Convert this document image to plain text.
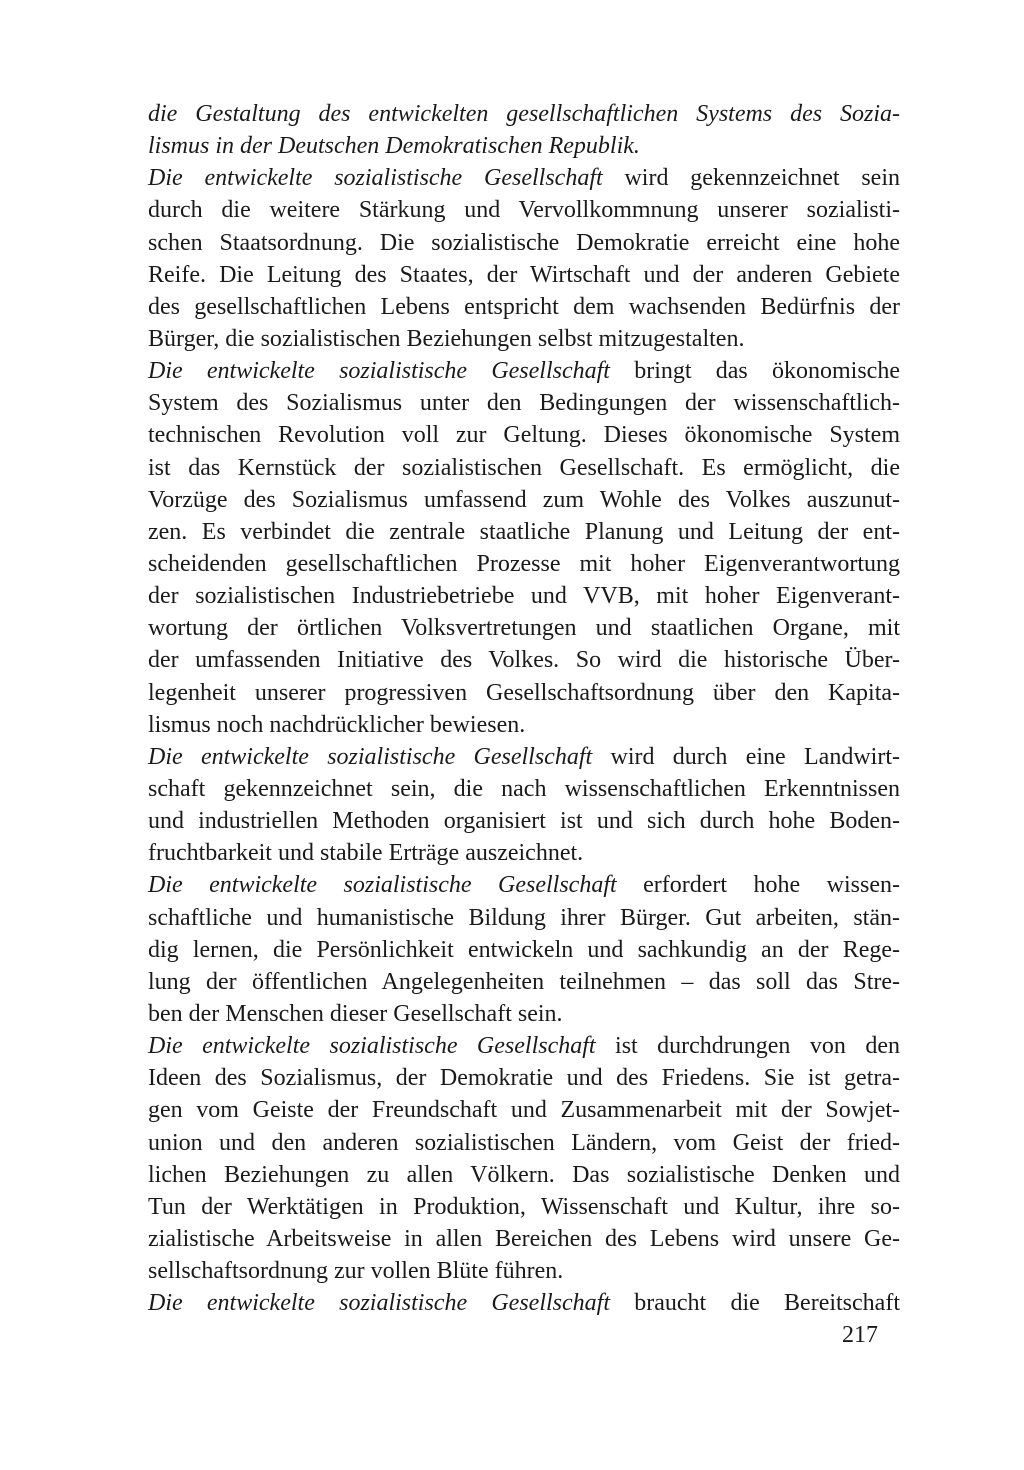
die Gestaltung des entwickelten gesellschaftlichen Systems des Sozia-
lismus in der Deutschen Demokratischen Republik.
Die entwickelte sozialistische Gesellschaft wird gekennzeichnet sein
durch die weitere Stärkung und Vervollkommnung unserer sozialisti-
schen Staatsordnung. Die sozialistische Demokratie erreicht eine hohe
Reife. Die Leitung des Staates, der Wirtschaft und der anderen Gebiete
des gesellschaftlichen Lebens entspricht dem wachsenden Bedürfnis der
Bürger, die sozialistischen Beziehungen selbst mitzugestalten.
Die entwickelte sozialistische Gesellschaft bringt das ökonomische
System des Sozialismus unter den Bedingungen der wissenschaftlich-
technischen Revolution voll zur Geltung. Dieses ökonomische System
ist das Kernstück der sozialistischen Gesellschaft. Es ermöglicht, die
Vorzüge des Sozialismus umfassend zum Wohle des Volkes auszunut-
zen. Es verbindet die zentrale staatliche Planung und Leitung der ent-
scheidenden gesellschaftlichen Prozesse mit hoher Eigenverantwortung
der sozialistischen Industriebetriebe und VVB, mit hoher Eigenverant-
wortung der örtlichen Volksvertretungen und staatlichen Organe, mit
der umfassenden Initiative des Volkes. So wird die historische Über-
legenheit unserer progressiven Gesellschaftsordnung über den Kapita-
lismus noch nachdrücklicher bewiesen.
Die entwickelte sozialistische Gesellschaft wird durch eine Landwirt-
schaft gekennzeichnet sein, die nach wissenschaftlichen Erkenntnissen
und industriellen Methoden organisiert ist und sich durch hohe Boden-
fruchtbarkeit und stabile Erträge auszeichnet.
Die entwickelte sozialistische Gesellschaft erfordert hohe wissen-
schaftliche und humanistische Bildung ihrer Bürger. Gut arbeiten, stän-
dig lernen, die Persönlichkeit entwickeln und sachkundig an der Rege-
lung der öffentlichen Angelegenheiten teilnehmen – das soll das Stre-
ben der Menschen dieser Gesellschaft sein.
Die entwickelte sozialistische Gesellschaft ist durchdrungen von den
Ideen des Sozialismus, der Demokratie und des Friedens. Sie ist getra-
gen vom Geiste der Freundschaft und Zusammenarbeit mit der Sowjet-
union und den anderen sozialistischen Ländern, vom Geist der fried-
lichen Beziehungen zu allen Völkern. Das sozialistische Denken und
Tun der Werktätigen in Produktion, Wissenschaft und Kultur, ihre so-
zialistische Arbeitsweise in allen Bereichen des Lebens wird unsere Ge-
sellschaftsordnung zur vollen Blüte führen.
Die entwickelte sozialistische Gesellschaft braucht die Bereitschaft
217
